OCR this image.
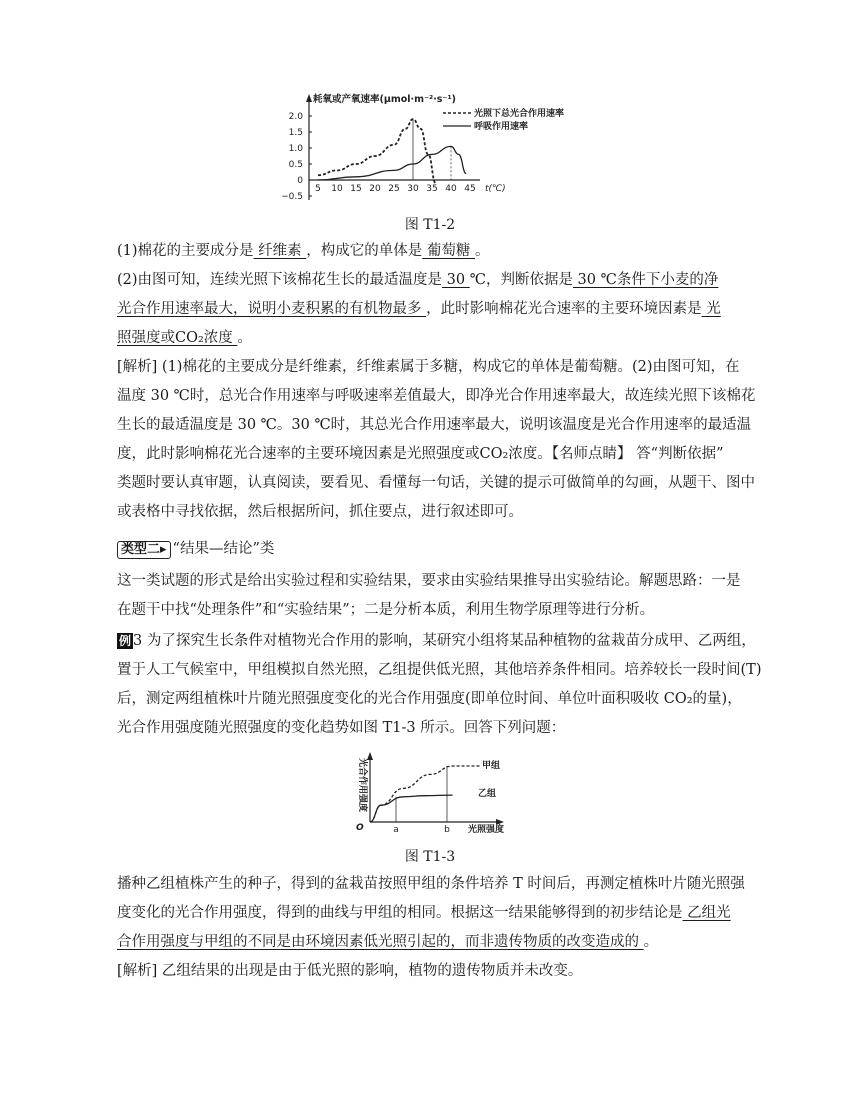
耗氧或产氧速率(μmol·m⁻²·s⁻¹)
光照下总光合作用速率
呼吸作用速率
2.0
1.5
1.0
0.5
0
−0.5
5 10 15 20 25 30 35 40 45 t(℃)
图 T1-2
(1)棉花的主要成分是 纤维素 ，构成它的单体是 葡萄糖 。
(2)由图可知，连续光照下该棉花生长的最适温度是 30 ℃，判断依据是 30 ℃条件下小麦的净
光合作用速率最大，说明小麦积累的有机物最多 ，此时影响棉花光合速率的主要环境因素是 光
照强度或CO₂浓度 。
[解析] (1)棉花的主要成分是纤维素，纤维素属于多糖，构成它的单体是葡萄糖。(2)由图可知，在
温度 30 ℃时，总光合作用速率与呼吸速率差值最大，即净光合作用速率最大，故连续光照下该棉花
生长的最适温度是 30 ℃。30 ℃时，其总光合作用速率最大，说明该温度是光合作用速率的最适温
度，此时影响棉花光合速率的主要环境因素是光照强度或CO₂浓度。【名师点睛】 答“判断依据”
类题时要认真审题，认真阅读，要看见、看懂每一句话，关键的提示可做简单的勾画，从题干、图中
或表格中寻找依据，然后根据所问，抓住要点，进行叙述即可。
类型二▸ “结果—结论”类
这一类试题的形式是给出实验过程和实验结果，要求由实验结果推导出实验结论。解题思路：一是
在题干中找“处理条件”和“实验结果”；二是分析本质，利用生物学原理等进行分析。
例 3 为了探究生长条件对植物光合作用的影响，某研究小组将某品种植物的盆栽苗分成甲、乙两组，
置于人工气候室中，甲组模拟自然光照，乙组提供低光照，其他培养条件相同。培养较长一段时间(T)
后，测定两组植株叶片随光照强度变化的光合作用强度(即单位时间、单位叶面积吸收 CO₂的量)，
光合作用强度随光照强度的变化趋势如图 T1-3 所示。回答下列问题：
光合作用强度
O	a	b 光照强度
甲组
乙组
图 T1-3
播种乙组植株产生的种子，得到的盆栽苗按照甲组的条件培养 T 时间后，再测定植株叶片随光照强
度变化的光合作用强度，得到的曲线与甲组的相同。根据这一结果能够得到的初步结论是 乙组光
合作用强度与甲组的不同是由环境因素低光照引起的，而非遗传物质的改变造成的 。
[解析] 乙组结果的出现是由于低光照的影响，植物的遗传物质并未改变。
